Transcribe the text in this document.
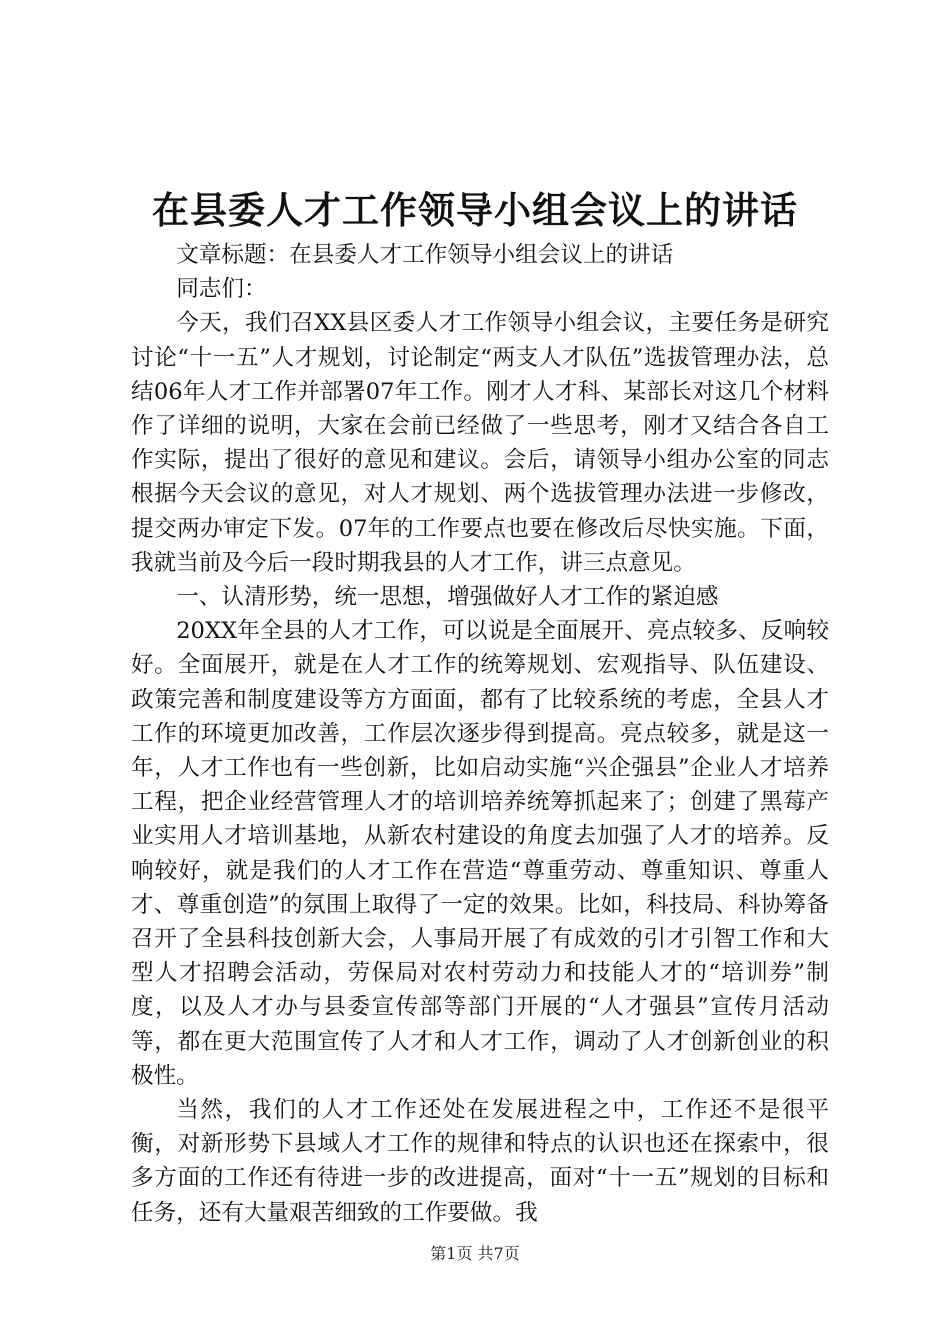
在县委人才工作领导小组会议上的讲话

文章标题：在县委人才工作领导小组会议上的讲话

同志们：

今天，我们召XX县区委人才工作领导小组会议，主要任务是研究讨论“十一五”人才规划，讨论制定“两支人才队伍”选拔管理办法，总结06年人才工作并部署07年工作。刚才人才科、某部长对这几个材料作了详细的说明，大家在会前已经做了一些思考，刚才又结合各自工作实际，提出了很好的意见和建议。会后，请领导小组办公室的同志根据今天会议的意见，对人才规划、两个选拔管理办法进一步修改，提交两办审定下发。07年的工作要点也要在修改后尽快实施。下面，我就当前及今后一段时期我县的人才工作，讲三点意见。

一、认清形势，统一思想，增强做好人才工作的紧迫感

20XX年全县的人才工作，可以说是全面展开、亮点较多、反响较好。全面展开，就是在人才工作的统筹规划、宏观指导、队伍建设、政策完善和制度建设等方方面面，都有了比较系统的考虑，全县人才工作的环境更加改善，工作层次逐步得到提高。亮点较多，就是这一年，人才工作也有一些创新，比如启动实施“兴企强县”企业人才培养工程，把企业经营管理人才的培训培养统筹抓起来了；创建了黑莓产业实用人才培训基地，从新农村建设的角度去加强了人才的培养。反响较好，就是我们的人才工作在营造“尊重劳动、尊重知识、尊重人才、尊重创造”的氛围上取得了一定的效果。比如，科技局、科协筹备召开了全县科技创新大会，人事局开展了有成效的引才引智工作和大型人才招聘会活动，劳保局对农村劳动力和技能人才的“培训券”制度，以及人才办与县委宣传部等部门开展的“人才强县”宣传月活动等，都在更大范围宣传了人才和人才工作，调动了人才创新创业的积极性。

当然，我们的人才工作还处在发展进程之中，工作还不是很平衡，对新形势下县域人才工作的规律和特点的认识也还在探索中，很多方面的工作还有待进一步的改进提高，面对“十一五”规划的目标和任务，还有大量艰苦细致的工作要做。我

第1页 共7页
